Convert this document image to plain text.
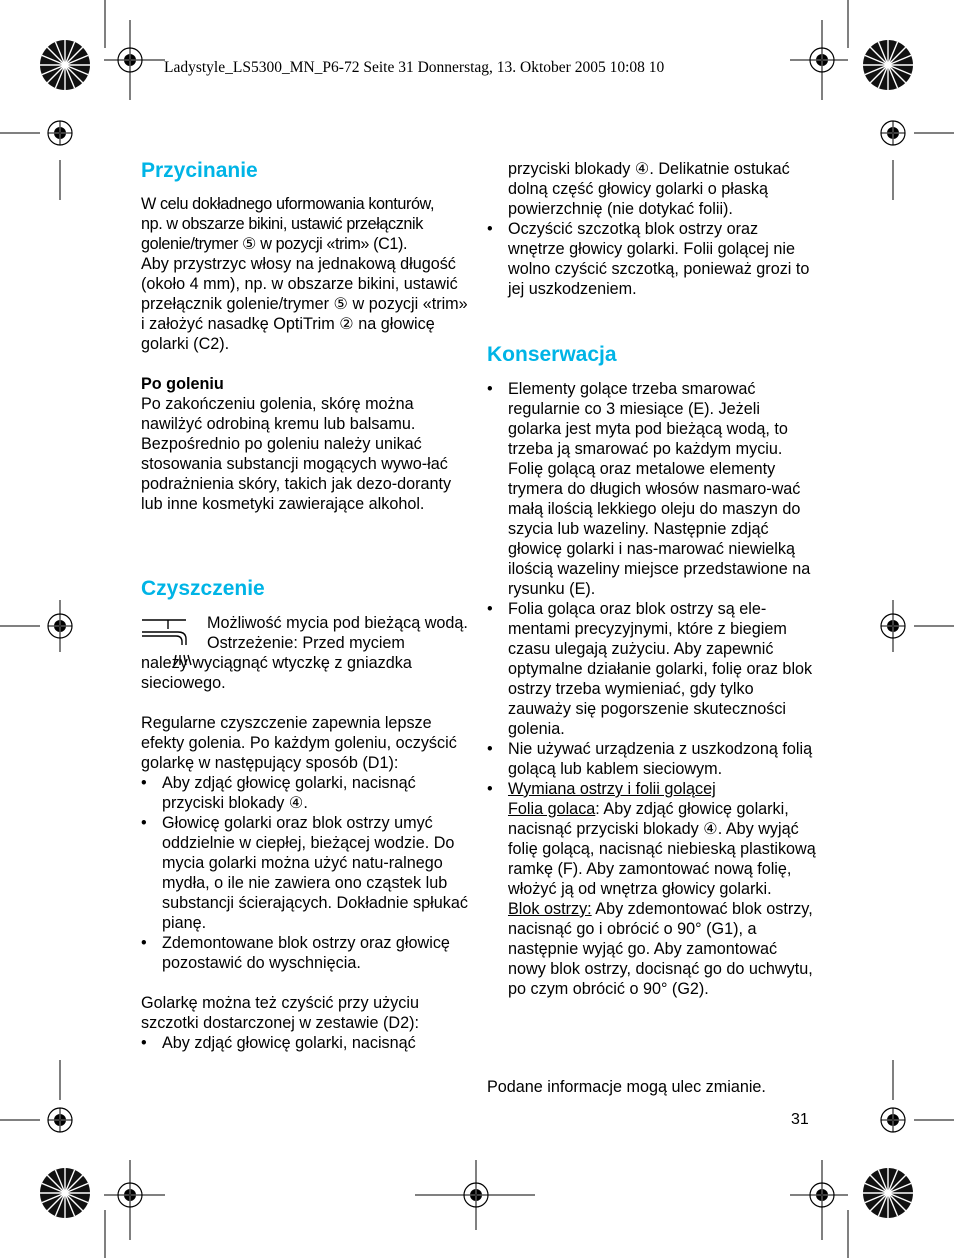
Ladystyle_LS5300_MN_P6-72 Seite 31 Donnerstag, 13. Oktober 2005 10:08 10
Przycinanie

W celu dokładnego uformowania konturów,

np. w obszarze bikini, ustawić przełącznik

golenie/trymer ⑤ w pozycji «trim» (C1).

Aby przystrzyc włosy na jednakową długość (około 4 mm), np. w obszarze bikini, ustawić przełącznik golenie/trymer ⑤ w pozycji «trim» i założyć nasadkę OptiTrim ② na głowicę golarki (C2).

Po goleniu

Po zakończeniu golenia, skórę można nawilżyć odrobiną kremu lub balsamu. Bezpośrednio po goleniu należy unikać stosowania substancji mogących wywo-łać podrażnienia skóry, takich jak dezo-doranty lub inne kosmetyki zawierające alkohol.

Czyszczenie

Możliwość mycia pod bieżącą wodą.

Ostrzeżenie: Przed myciem

należy wyciągnąć wtyczkę z gniazdka sieciowego.

Regularne czyszczenie zapewnia lepsze efekty golenia. Po każdym goleniu, oczyścić golarkę w następujący sposób (D1):

• Aby zdjąć głowicę golarki, nacisnąć przyciski blokady ④.
• Głowicę golarki oraz blok ostrzy umyć oddzielnie w ciepłej, bieżącej wodzie. Do mycia golarki można użyć natu-ralnego mydła, o ile nie zawiera ono cząstek lub substancji ścierających. Dokładnie spłukać pianę.
• Zdemontowane blok ostrzy oraz głowicę pozostawić do wyschnięcia.

Golarkę można też czyścić przy użyciu szczotki dostarczonej w zestawie (D2):

• Aby zdjąć głowicę golarki, nacisnąć

przyciski blokady ④. Delikatnie ostukać dolną część głowicy golarki o płaską powierzchnię (nie dotykać folii).

• Oczyścić szczotką blok ostrzy oraz wnętrze głowicy golarki. Folii golącej nie wolno czyścić szczotką, ponieważ grozi to jej uszkodzeniem.
Konserwacja
• Elementy golące trzeba smarować regularnie co 3 miesiące (E). Jeżeli golarka jest myta pod bieżącą wodą, to trzeba ją smarować po każdym myciu. Folię golącą oraz metalowe elementy trymera do długich włosów nasmaro-wać małą ilością lekkiego oleju do maszyn do szycia lub wazeliny. Następnie zdjąć głowicę golarki i nas-marować niewielką ilością wazeliny miejsce przedstawione na rysunku (E).
• Folia goląca oraz blok ostrzy są ele-mentami precyzyjnymi, które z biegiem czasu ulegają zużyciu. Aby zapewnić optymalne działanie golarki, folię oraz blok ostrzy trzeba wymieniać, gdy tylko zauważy się pogorszenie skuteczności golenia.
• Nie używać urządzenia z uszkodzoną folią golącą lub kablem sieciowym.
• Wymiana ostrzy i folii golącej
Folia golaca: Aby zdjąć głowicę golarki, nacisnąć przyciski blokady ④. Aby wyjąć folię golącą, nacisnąć niebieską plastikową ramkę (F). Aby zamontować nową folię, włożyć ją od wnętrza głowicy golarki.
Blok ostrzy: Aby zdemontować blok ostrzy, nacisnąć go i obrócić o 90° (G1), a następnie wyjąć go. Aby zamontować nowy blok ostrzy, docisnąć go do uchwytu, po czym obrócić o 90° (G2).
Podane informacje mogą ulec zmianie.
31
